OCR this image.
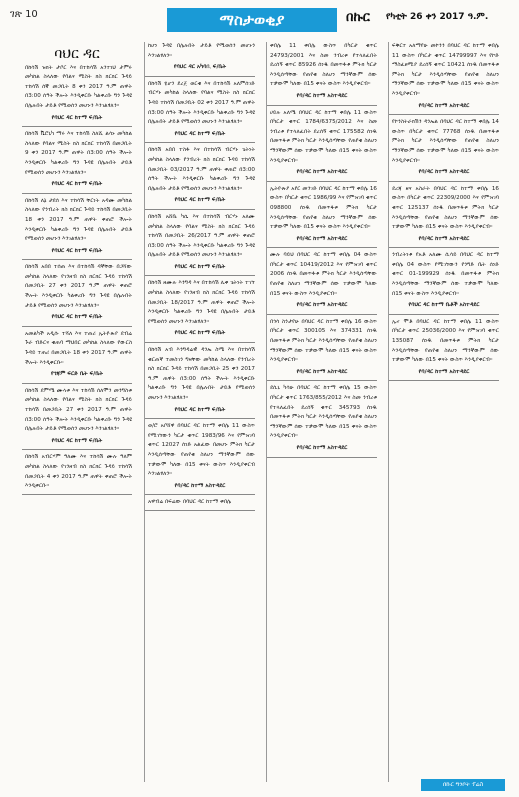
ገጽ 10	ማስታወቂያ	በኩር የካቲት 26 ቀን 2017 ዓ.ም.
ባህር ዳር

በከሳሽ ዝክት ታቦር እና በተከሳሽ አንተነህ ታምሩ መካከል ስላለው የባልና ሚስት ክስ ክርክር ጉዳይ ተከሳሽ ሰኞ መጋቢት 8 ቀን 2017 ዓ.ም ጠዋት በ3:00 ሰዓት ችሎት እንዲቀርቡ ካልቀረቡ ግን ጉዳዩ በሌሉበት ታይቶ የሚወሰን መሆኑን እንገልፃለን።

የባህር ዳር ከተማ ፍ/ቤት

በከሳሽ ቬሮኒካ ማሩ እና ተከሳሽ ስለሺ ልሳኑ መካከል ስላለው የባልና ሚስት ክስ ክርክር ተከሳሽ በመጋቢት 9 ቀን 2017 ዓ.ም ጠዋት በ3:00 ሰዓት ችሎት እንዲቀርቡ ካልቀረቡ ግን ጉዳዩ በሌሉበት ታይቶ የሚወሰን መሆኑን እንገልፃለን።

የባህር ዳር ከተማ ፍ/ቤት

በከሳሽ ለኔ ታደሰ እና ተከሳሽ ቸርነት አዳሙ መካከል ስላለው የንብረት ክስ ክርክር ጉዳይ ተከሳሽ በመጋቢት 18 ቀን 2017 ዓ.ም ጠዋት ቀጠሮ ችሎት እንዲቀርቡ ካልቀረቡ ግን ጉዳዩ በሌሉበት ታይቶ የሚወሰን መሆኑን እንገልፃለን።

የባህር ዳር ከተማ ፍ/ቤት

በከሳሽ አበበ ተሰጠ እና በተከሳሽ ዳኛቸው በጋሻው መካከል ስላለው የገንዘብ ክስ ክርክር ጉዳይ ተከሳሽ በመጋቢት 27 ቀን 2017 ዓ.ም ጠዋት ቀጠሮ ችሎት እንዲቀርቡ ካልቀረቡ ግን ጉዳዩ በሌሉበት ታይቶ የሚወሰን መሆኑን እንገልፃለን።

የባህር ዳር ከተማ ፍ/ቤት

አመልካች አዲሱ ተሻለ እና ተጠሪ ኢትዮጵያ ደብሬ ጉራ ብድርና ቁጠባ ማህበር መካከል ስላለው የውርስ ጉዳይ ተጠሪ በመጋቢት 18 ቀን 2017 ዓ.ም ጠዋት ችሎት እንዲቀርቡ።

የጎጃም ፍርድ ቤት ፍ/ቤት

በከሳሽ ደምሜ ሙላቱ እና ተከሳሽ ሰለሞን መንግስቱ መካከል ስላለው የባልና ሚስት ክስ ክርክር ጉዳይ ተከሳሽ በመጋቢት 27 ቀን 2017 ዓ.ም ጠዋት በ3:00 ሰዓት ችሎት እንዲቀርቡ ካልቀረቡ ግን ጉዳዩ በሌሉበት ታይቶ የሚወሰን መሆኑን እንገልፃለን።

የባህር ዳር ከተማ ፍ/ቤት

በከሳሽ አብርሃም ዓለሙ እና ተከሳሽ ሙሉ ዓለም መካከል ስላለው የገንዘብ ክስ ክርክር ጉዳይ ተከሳሽ በመጋቢት 4 ቀን 2017 ዓ.ም ጠዋት ቀጠሮ ችሎት እንዲቀርቡ።

ከሆነ ጉዳዩ በሌሉበት ታይቶ የሚወሰን መሆኑን እንገልፃለን።

የባህር ዳር አካባቢ ፍ/ቤት

በከሳሽ ፂሆን ደረጀ ወርቁ እና በተከሳሽ አለምሰገድ ብርሃኑ መካከል ስላለው የባልና ሚስት ክስ ክርክር ጉዳይ ተከሳሽ በመጋቢት 02 ቀን 2017 ዓ.ም ጠዋት በ3:00 ሰዓት ችሎት እንዲቀርቡ ካልቀረቡ ግን ጉዳዩ በሌሉበት ታይቶ የሚወሰን መሆኑን እንገልፃለን።

የባህር ዳር ከተማ ፍ/ቤት

በከሳሽ አበበ ተስፋ እና በተከሳሽ ብርሃኑ ጌትነት መካከል ስላለው የንብረት ክስ ክርክር ጉዳይ ተከሳሽ በመጋቢት 03/2017 ዓ.ም ጠዋት ቀጠሮ በ3:00 ሰዓት ችሎት እንዲቀርቡ ካልቀረቡ ግን ጉዳዩ በሌሉበት ታይቶ የሚወሰን መሆኑን እንገልፃለን።

የባህር ዳር ከተማ ፍ/ቤት

በከሳሽ አሸቤ ካሴ እና በተከሳሽ ብርሃኑ አለሙ መካከል ስላለው የባልና ሚስት ክስ ክርክር ጉዳይ ተከሳሽ በመጋቢት 26/2017 ዓ.ም ጠዋት ቀጠሮ በ3:00 ሰዓት ችሎት እንዲቀርቡ ካልቀረቡ ግን ጉዳዩ በሌሉበት ታይቶ የሚወሰን መሆኑን እንገልፃለን።

የባህር ዳር ከተማ ፍ/ቤት

በከሳሽ ዘሙሉ እንግዳ እና በተከሳሽ ሊቀ ጌትነት ተገኘ መካከል ስላለው የገንዘብ ክስ ክርክር ጉዳይ ተከሳሽ በመጋቢት 18/2017 ዓ.ም ጠዋት ቀጠሮ ችሎት እንዲቀርቡ ካልቀረቡ ግን ጉዳዩ በሌሉበት ታይቶ የሚወሰን መሆኑን እንገልፃለን።

የባህር ዳር ከተማ ፍ/ቤት

በከሳሽ አብ እንግዳሬዊ ዳንኤ ስሜ እና በተከሳሽ ቁርጠኛ ተመስገን ግዛቸው መካከል ስላለው የንብረት ክስ ክርክር ጉዳይ ተከሳሽ በመጋቢት 25 ቀን 2017 ዓ.ም ጠዋት በ3:00 ሰዓት ችሎት እንዲቀርቡ ካልቀረቡ ግን ጉዳዩ በሌሉበት ታይቶ የሚወሰን መሆኑን እንገልፃለን።

የባህር ዳር ከተማ ፍ/ቤት

ወ/ሮ አቦሸዋ በባህር ዳር ከተማ ቀበሌ 11 ውስጥ የሚገኘውን ካርታ ቁጥር 1983/96 እና የምዝገባ ቁጥር 12027 ሰነድ አልፈው በመሆኑ ምትክ ካርታ እንዲሰጣቸው የጠየቁ ስለሆነ ማንኛውም ሰው ተቃውሞ ካለው በ15 ቀናት ውስጥ እንዲያቀርብ እንገልፃለን።

የባ/ዳር ከተማ አስተዳደር

አዋብሬ በፍሬው በባህር ዳር ከተማ ቀበሌ

ቀበሌ 11 ቀበሌ ውስጥ በካርታ ቁጥር 24793/2001 እና ስመ ንብረቱ የተላለፈበት ደረሰኝ ቁጥር 85926 ሰነዱ በመጥፋቱ ምትክ ካርታ እንዲሰጣቸው የጠየቁ ስለሆነ ማንኛውም ሰው ተቃውሞ ካለው በ15 ቀናት ውስጥ እንዲያቀርብ።

የባ/ዳር ከተማ አስተዳደር

ሀይሉ አለሜ በባህር ዳር ከተማ ቀበሌ 11 ውስጥ በካርታ ቁጥር 1784/6375/2012 እና ስመ ንብረቱ የተላለፈበት ደረሰኝ ቁጥር 175582 ሰነዱ በመጥፋቱ ምትክ ካርታ እንዲሰጣቸው የጠየቁ ስለሆነ ማንኛውም ሰው ተቃውሞ ካለው በ15 ቀናት ውስጥ እንዲያቀርብ።

የባ/ዳር ከተማ አስተዳደር

ኢትዮጵያ አየር መንገድ በባህር ዳር ከተማ ቀበሌ 16 ውስጥ በካርታ ቁጥር 1986/99 እና የምዝገባ ቁጥር 098800 ሰነዱ በመጥፋቱ ምትክ ካርታ እንዲሰጣቸው የጠየቁ ስለሆነ ማንኛውም ሰው ተቃውሞ ካለው በ15 ቀናት ውስጥ እንዲያቀርብ።

የባ/ዳር ከተማ አስተዳደር

ሙሉ ባይህ በባህር ዳር ከተማ ቀበሌ 04 ውስጥ በካርታ ቁጥር 10419/2012 እና የምዝገባ ቁጥር 2006 ሰነዱ በመጥፋቱ ምትክ ካርታ እንዲሰጣቸው የጠየቁ ስለሆነ ማንኛውም ሰው ተቃውሞ ካለው በ15 ቀናት ውስጥ እንዲያቀርብ።

የባ/ዳር ከተማ አስተዳደር

በጎሳ ስንታየሁ በባህር ዳር ከተማ ቀበሌ 16 ውስጥ በካርታ ቁጥር 300105 እና 374331 ሰነዱ በመጥፋቱ ምትክ ካርታ እንዲሰጣቸው የጠየቁ ስለሆነ ማንኛውም ሰው ተቃውሞ ካለው በ15 ቀናት ውስጥ እንዲያቀርብ።

የባ/ዳር ከተማ አስተዳደር

ደሲኒ ካሳሁ በባህር ዳር ከተማ ቀበሌ 15 ውስጥ በካርታ ቁጥር 1763/855/2012 እና ስመ ንብረቱ የተላለፈበት ደረሰኝ ቁጥር 345793 ሰነዱ በመጥፋቱ ምትክ ካርታ እንዲሰጣቸው የጠየቁ ስለሆነ ማንኛውም ሰው ተቃውሞ ካለው በ15 ቀናት ውስጥ እንዲያቀርብ።

የባ/ዳር ከተማ አስተዳደር

ፍቅርተ አለማየሁ መኮንን በባህር ዳር ከተማ ቀበሌ 11 ውስጥ በካርታ ቁጥር 14799997 እና የኮድ ማስፈፀሚያ ደረሰኝ ቁጥር 10421 ሰነዱ በመጥፋቱ ምትክ ካርታ እንዲሰጣቸው የጠየቁ ስለሆነ ማንኛውም ሰው ተቃውሞ ካለው በ15 ቀናት ውስጥ እንዲያቀርብ።

የባ/ዳር ከተማ አስተዳደር

የኮንስትራክሽን ዳንኤል በባህር ዳር ከተማ ቀበሌ 14 ውስጥ በካርታ ቁጥር 77768 ሰነዱ በመጥፋቱ ምትክ ካርታ እንዲሰጣቸው የጠየቁ ስለሆነ ማንኛውም ሰው ተቃውሞ ካለው በ15 ቀናት ውስጥ እንዲያቀርብ።

የባ/ዳር ከተማ አስተዳደር

ደረጃ ዘና አስራት በባህር ዳር ከተማ ቀበሌ 16 ውስጥ በካርታ ቁጥር 22309/2000 እና የምዝገባ ቁጥር 125137 ሰነዱ በመጥፋቱ ምትክ ካርታ እንዲሰጣቸው የጠየቁ ስለሆነ ማንኛውም ሰው ተቃውሞ ካለው በ15 ቀናት ውስጥ እንዲያቀርብ።

የባ/ዳር ከተማ አስተዳደር

ንብረትነቱ የአቶ አለሙ ሲሳይ በባህር ዳር ከተማ ቀበሌ 04 ውስጥ የሚገኘውን የንግድ ቤት ሰነድ ቁጥር 01-199929 ሰነዱ በመጥፋቱ ምትክ እንዲሰጣቸው ማንኛውም ሰው ተቃውሞ ካለው በ15 ቀናት ውስጥ እንዲያቀርብ።

የባህር ዳር ከተማ ቤቶች አስተዳደር

ኢኖ ሞቶ በባህር ዳር ከተማ ቀበሌ 11 ውስጥ በካርታ ቁጥር 25036/2000 እና የምዝገባ ቁጥር 135087 ሰነዱ በመጥፋቱ ምትክ ካርታ እንዲሰጣቸው የጠየቁ ስለሆነ ማንኛውም ሰው ተቃውሞ ካለው በ15 ቀናት ውስጥ እንዲያቀርብ።

የባ/ዳር ከተማ አስተዳደር
በኩር ግንቦት ፕሬስ
